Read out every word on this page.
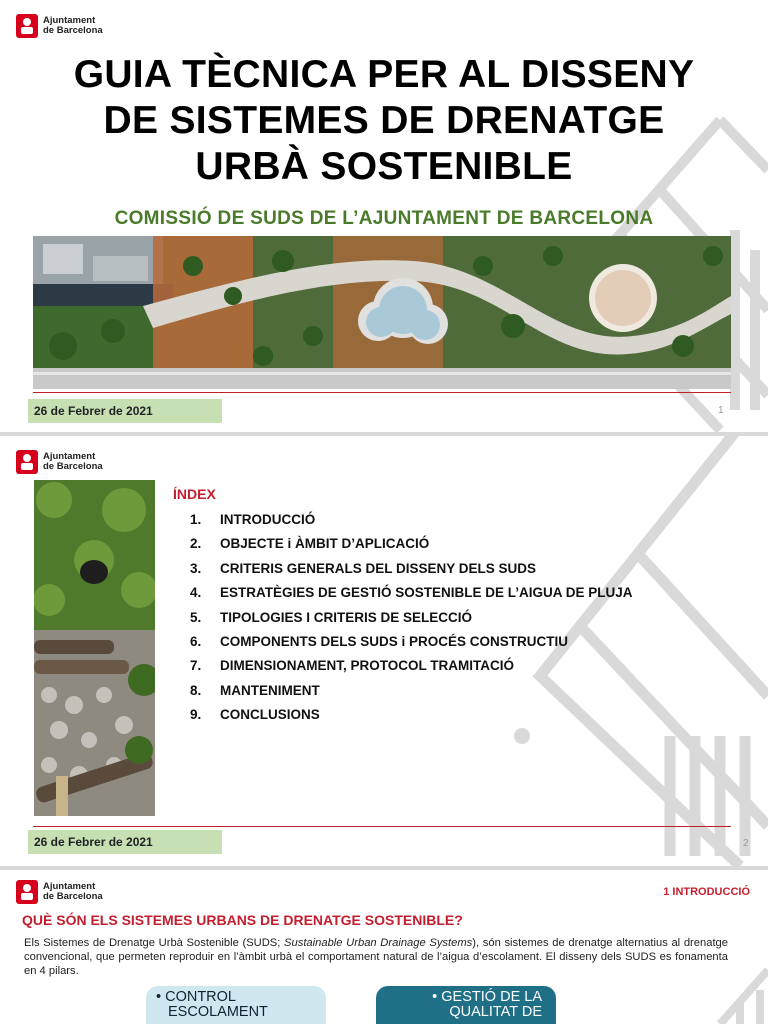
Ajuntament
de Barcelona
GUIA TÈCNICA PER AL DISSENY
DE SISTEMES DE DRENATGE
URBÀ SOSTENIBLE
COMISSIÓ DE SUDS DE L’AJUNTAMENT DE BARCELONA
26 de Febrer de 2021	1
Ajuntament
de Barcelona
ÍNDEX
1.	INTRODUCCIÓ
2.	OBJECTE i ÀMBIT D’APLICACIÓ
3.	CRITERIS GENERALS DEL DISSENY DELS SUDS
4.	ESTRATÈGIES DE GESTIÓ SOSTENIBLE DE L’AIGUA DE PLUJA
5.	TIPOLOGIES I CRITERIS DE SELECCIÓ
6.	COMPONENTS DELS SUDS i PROCÉS CONSTRUCTIU
7.	DIMENSIONAMENT, PROTOCOL TRAMITACIÓ
8.	MANTENIMENT
9.	CONCLUSIONS
26 de Febrer de 2021	2
Ajuntament
de Barcelona	1 INTRODUCCIÓ
QUÈ SÓN ELS SISTEMES URBANS DE DRENATGE SOSTENIBLE?

Els Sistemes de Drenatge Urbà Sostenible (SUDS; Sustainable Urban Drainage Systems), són sistemes de drenatge alternatius al drenatge convencional, que permeten reproduir en l’àmbit urbà el comportament natural de l’aigua d’escolament. El disseny dels SUDS es fonamenta en 4 pilars.

• CONTROL
ESCOLAMENT
• GESTIÓ DE LA
QUALITAT DE
